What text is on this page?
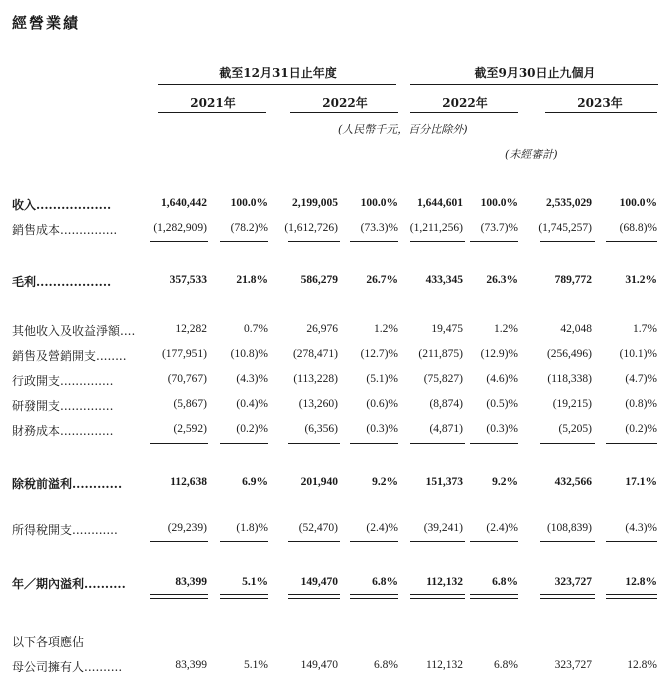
經營業績
截至12月31日止年度	截至9月30日止九個月
2021年	2022年	2022年	2023年
(人民幣千元，百分比除外)
(未經審計)
收入..................	1,640,442	100.0%	2,199,005	100.0%	1,644,601	100.0%	2,535,029	100.0%
銷售成本...............	(1,282,909)	(78.2)%	(1,612,726)	(73.3)%	(1,211,256)	(73.7)%	(1,745,257)	(68.8)%
毛利..................	357,533	21.8%	586,279	26.7%	433,345	26.3%	789,772	31.2%
其他收入及收益淨額....	12,282	0.7%	26,976	1.2%	19,475	1.2%	42,048	1.7%
銷售及營銷開支........	(177,951)	(10.8)%	(278,471)	(12.7)%	(211,875)	(12.9)%	(256,496)	(10.1)%
行政開支..............	(70,767)	(4.3)%	(113,228)	(5.1)%	(75,827)	(4.6)%	(118,338)	(4.7)%
研發開支..............	(5,867)	(0.4)%	(13,260)	(0.6)%	(8,874)	(0.5)%	(19,215)	(0.8)%
財務成本..............	(2,592)	(0.2)%	(6,356)	(0.3)%	(4,871)	(0.3)%	(5,205)	(0.2)%
除稅前溢利............	112,638	6.9%	201,940	9.2%	151,373	9.2%	432,566	17.1%
所得稅開支............	(29,239)	(1.8)%	(52,470)	(2.4)%	(39,241)	(2.4)%	(108,839)	(4.3)%
年／期內溢利..........	83,399	5.1%	149,470	6.8%	112,132	6.8%	323,727	12.8%
以下各項應佔
母公司擁有人..........	83,399	5.1%	149,470	6.8%	112,132	6.8%	323,727	12.8%
